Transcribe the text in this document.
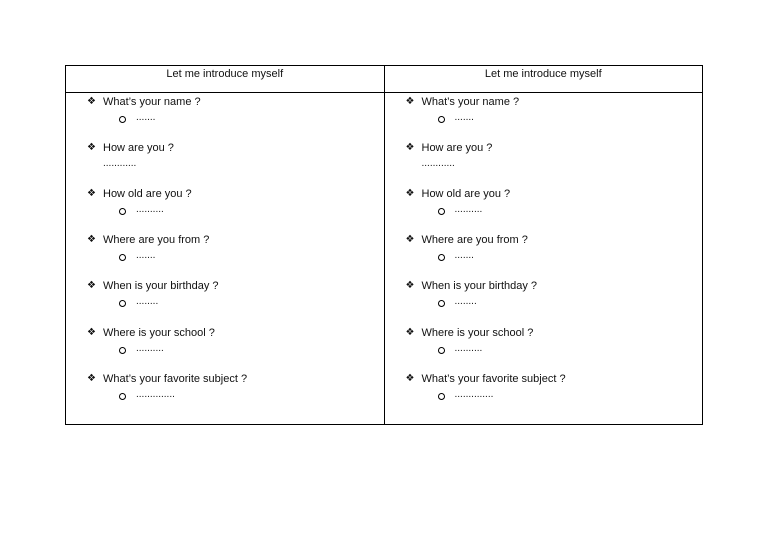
Let me introduce myself
❖ What’s your name ?
.......
❖ How are you ?
............
❖ How old are you ?
..........
❖ Where are you from ?
.......
❖ When is your birthday ?
........
❖ Where is your school ?
..........
❖ What’s your favorite subject ?
..............
Let me introduce myself
❖ What’s your name ?
.......
❖ How are you ?
............
❖ How old are you ?
..........
❖ Where are you from ?
.......
❖ When is your birthday ?
........
❖ Where is your school ?
..........
❖ What’s your favorite subject ?
..............
